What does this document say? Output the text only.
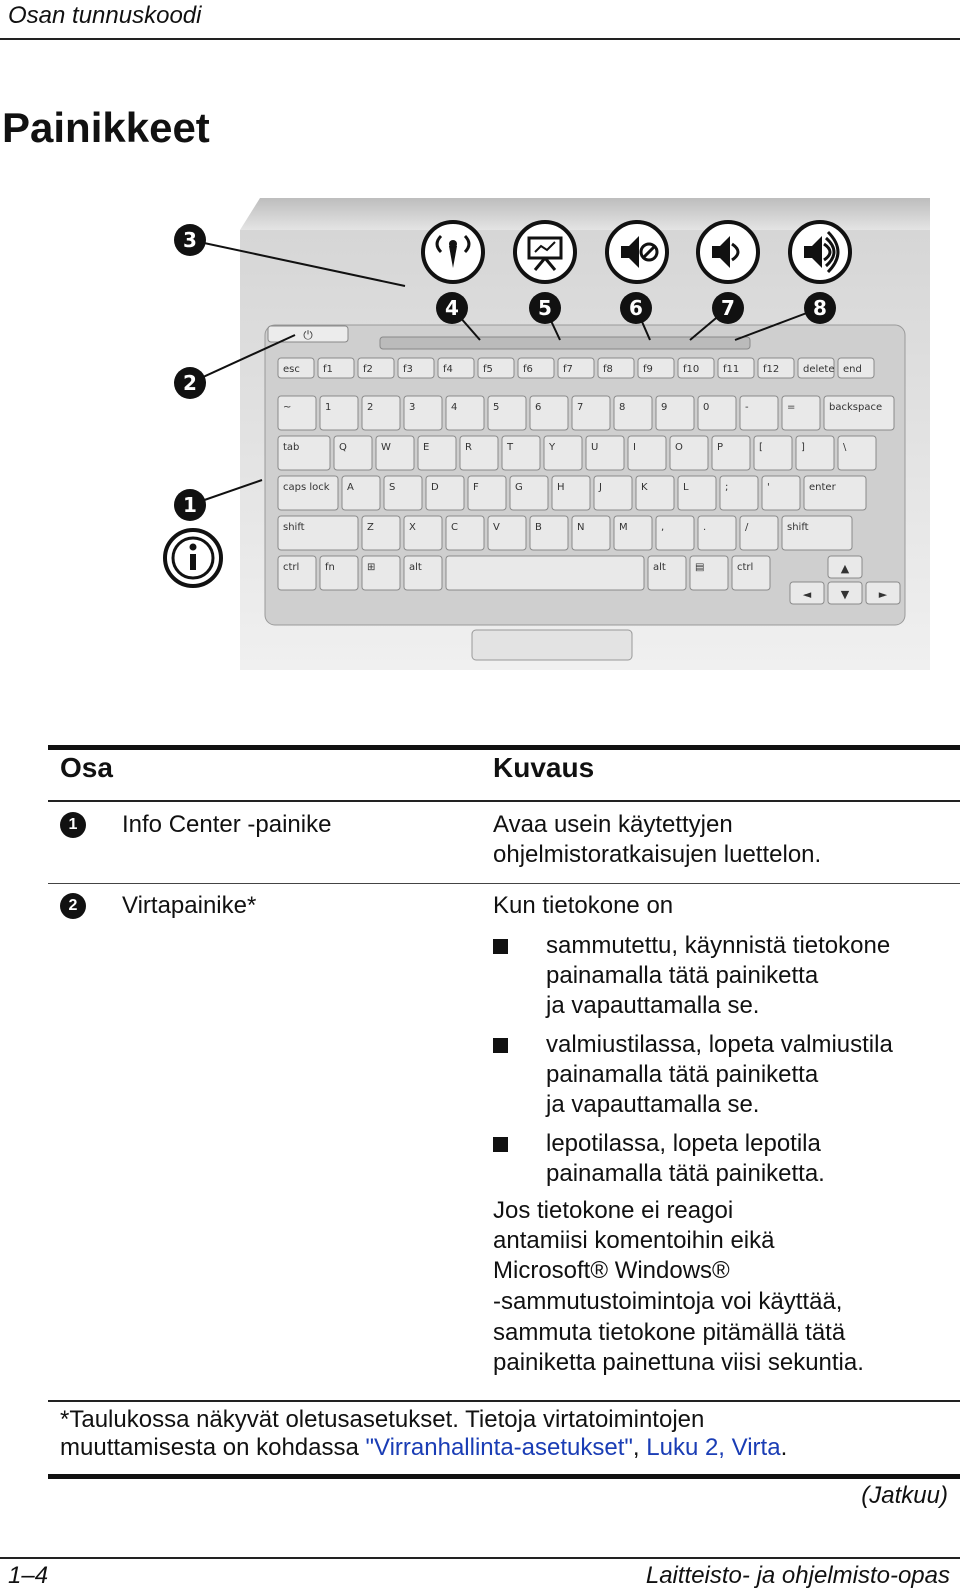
Osan tunnuskoodi
Painikkeet
⏻
esc f1	f2	f3	f4	f5	f6	f7	f8	f9	f10 f11 f12 delete end
~	1	2	3	4	5	6	7	8	9	0	-	=	backspace
tab	Q	W	E	R	T	Y	U	I	O	P	[	]	\
caps lock A	S	D	F	G	H	J	K	L	;	'	enter
shift	Z	X	C	V	B	N	M	,	.	/	shift
ctrl	fn	⊞	alt	alt	▤	ctrl
◄	▼	►
▲
1
2
3
4	5	6	7	8
Osa	Kuvaus
1	Info Center -painike	Avaa usein käytettyjen
ohjelmistoratkaisujen luettelon.
2	Virtapainike*	Kun tietokone on
sammutettu, käynnistä tietokone
painamalla tätä painiketta
ja vapauttamalla se.
valmiustilassa, lopeta valmiustila
painamalla tätä painiketta
ja vapauttamalla se.
lepotilassa, lopeta lepotila
painamalla tätä painiketta.
Jos tietokone ei reagoi
antamiisi komentoihin eikä
Microsoft® Windows®
-sammutustoimintoja voi käyttää,
sammuta tietokone pitämällä tätä
painiketta painettuna viisi sekuntia.
*Taulukossa näkyvät oletusasetukset. Tietoja virtatoimintojen
muuttamisesta on kohdassa "Virranhallinta-asetukset", Luku 2, Virta.
(Jatkuu)
1–4	Laitteisto- ja ohjelmisto-opas
